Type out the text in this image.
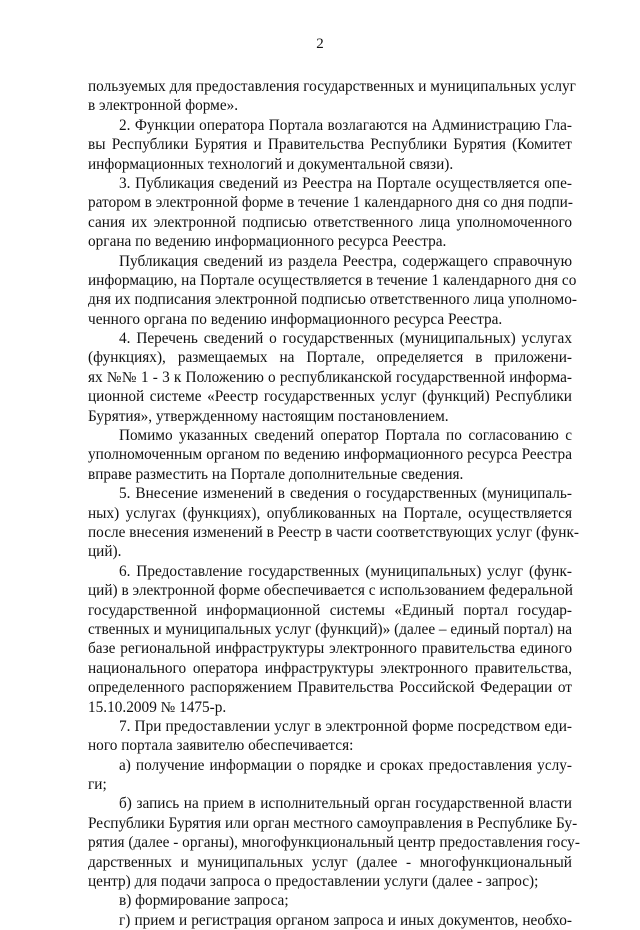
2
пользуемых для предоставления государственных и муниципальных услуг
в электронной форме».
2. Функции оператора Портала возлагаются на Администрацию Гла-
вы Республики Бурятия и Правительства Республики Бурятия (Комитет
информационных технологий и документальной связи).
3. Публикация сведений из Реестра на Портале осуществляется опе-
ратором в электронной форме в течение 1 календарного дня со дня подпи-
сания их электронной подписью ответственного лица уполномоченного
органа по ведению информационного ресурса Реестра.
Публикация сведений из раздела Реестра, содержащего справочную
информацию, на Портале осуществляется в течение 1 календарного дня со
дня их подписания электронной подписью ответственного лица уполномо-
ченного органа по ведению информационного ресурса Реестра.
4. Перечень сведений о государственных (муниципальных) услугах
(функциях), размещаемых на Портале, определяется в приложени-
ях №№ 1 - 3 к Положению о республиканской государственной информа-
ционной системе «Реестр государственных услуг (функций) Республики
Бурятия», утвержденному настоящим постановлением.
Помимо указанных сведений оператор Портала по согласованию с
уполномоченным органом по ведению информационного ресурса Реестра
вправе разместить на Портале дополнительные сведения.
5. Внесение изменений в сведения о государственных (муниципаль-
ных) услугах (функциях), опубликованных на Портале, осуществляется
после внесения изменений в Реестр в части соответствующих услуг (функ-
ций).
6. Предоставление государственных (муниципальных) услуг (функ-
ций) в электронной форме обеспечивается с использованием федеральной
государственной информационной системы «Единый портал государ-
ственных и муниципальных услуг (функций)» (далее – единый портал) на
базе региональной инфраструктуры электронного правительства единого
национального оператора инфраструктуры электронного правительства,
определенного распоряжением Правительства Российской Федерации от
15.10.2009 № 1475-р.
7. При предоставлении услуг в электронной форме посредством еди-
ного портала заявителю обеспечивается:
а) получение информации о порядке и сроках предоставления услу-
ги;
б) запись на прием в исполнительный орган государственной власти
Республики Бурятия или орган местного самоуправления в Республике Бу-
рятия (далее - органы), многофункциональный центр предоставления госу-
дарственных и муниципальных услуг (далее - многофункциональный
центр) для подачи запроса о предоставлении услуги (далее - запрос);
в) формирование запроса;
г) прием и регистрация органом запроса и иных документов, необхо-
